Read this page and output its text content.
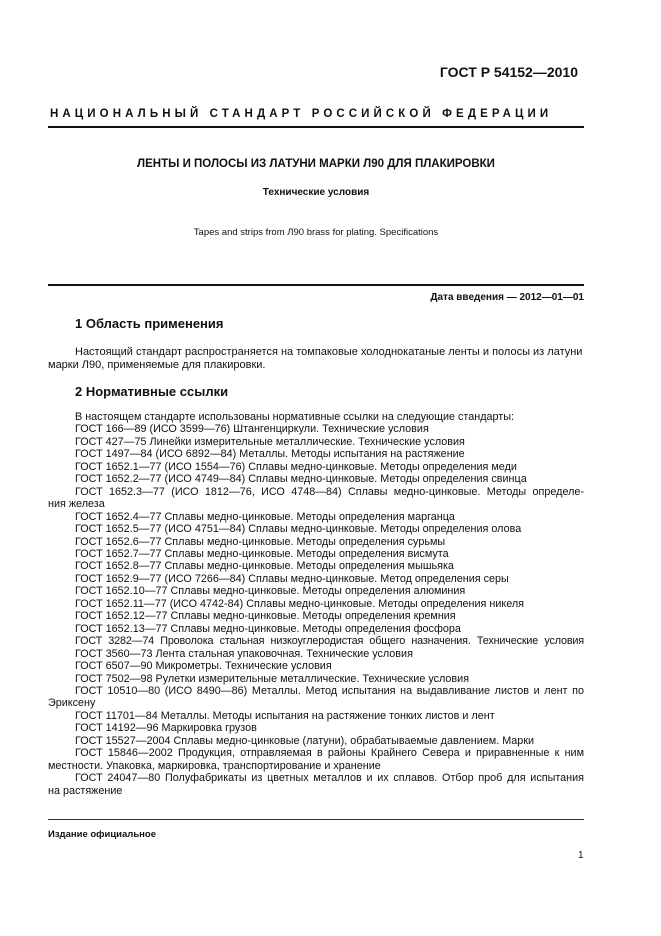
ГОСТ Р 54152—2010
НАЦИОНАЛЬНЫЙ СТАНДАРТ РОССИЙСКОЙ ФЕДЕРАЦИИ
ЛЕНТЫ И ПОЛОСЫ ИЗ ЛАТУНИ МАРКИ Л90 ДЛЯ ПЛАКИРОВКИ
Технические условия
Tapes and strips from Л90 brass for plating. Specifications
Дата введения — 2012—01—01
1 Область применения
Настоящий стандарт распространяется на томпаковые холоднокатаные ленты и полосы из латуни
марки Л90, применяемые для плакировки.
2 Нормативные ссылки
В настоящем стандарте использованы нормативные ссылки на следующие стандарты:
ГОСТ 166—89 (ИСО 3599—76) Штангенциркули. Технические условия
ГОСТ 427—75 Линейки измерительные металлические. Технические условия
ГОСТ 1497—84 (ИСО 6892—84) Металлы. Методы испытания на растяжение
ГОСТ 1652.1—77 (ИСО 1554—76) Сплавы медно-цинковые. Методы определения меди
ГОСТ 1652.2—77 (ИСО 4749—84) Сплавы медно-цинковые. Методы определения свинца
ГОСТ 1652.3—77 (ИСО 1812—76, ИСО 4748—84) Сплавы медно-цинковые. Методы определе-
ния железа
ГОСТ 1652.4—77 Сплавы медно-цинковые. Методы определения марганца
ГОСТ 1652.5—77 (ИСО 4751—84) Сплавы медно-цинковые. Методы определения олова
ГОСТ 1652.6—77 Сплавы медно-цинковые. Методы определения сурьмы
ГОСТ 1652.7—77 Сплавы медно-цинковые. Методы определения висмута
ГОСТ 1652.8—77 Сплавы медно-цинковые. Методы определения мышьяка
ГОСТ 1652.9—77 (ИСО 7266—84) Сплавы медно-цинковые. Метод определения серы
ГОСТ 1652.10—77 Сплавы медно-цинковые. Методы определения алюминия
ГОСТ 1652.11—77 (ИСО 4742-84) Сплавы медно-цинковые. Методы определения никеля
ГОСТ 1652.12—77 Сплавы медно-цинковые. Методы определения кремния
ГОСТ 1652.13—77 Сплавы медно-цинковые. Методы определения фосфора
ГОСТ 3282—74 Проволока стальная низкоуглеродистая общего назначения. Технические условия
ГОСТ 3560—73 Лента стальная упаковочная. Технические условия
ГОСТ 6507—90 Микрометры. Технические условия
ГОСТ 7502—98 Рулетки измерительные металлические. Технические условия
ГОСТ 10510—80 (ИСО 8490—86) Металлы. Метод испытания на выдавливание листов и лент по
Эриксену
ГОСТ 11701—84 Металлы. Методы испытания на растяжение тонких листов и лент
ГОСТ 14192—96 Маркировка грузов
ГОСТ 15527—2004 Сплавы медно-цинковые (латуни), обрабатываемые давлением. Марки
ГОСТ 15846—2002 Продукция, отправляемая в районы Крайнего Севера и приравненные к ним
местности. Упаковка, маркировка, транспортирование и хранение
ГОСТ 24047—80 Полуфабрикаты из цветных металлов и их сплавов. Отбор проб для испытания
на растяжение
Издание официальное
1
